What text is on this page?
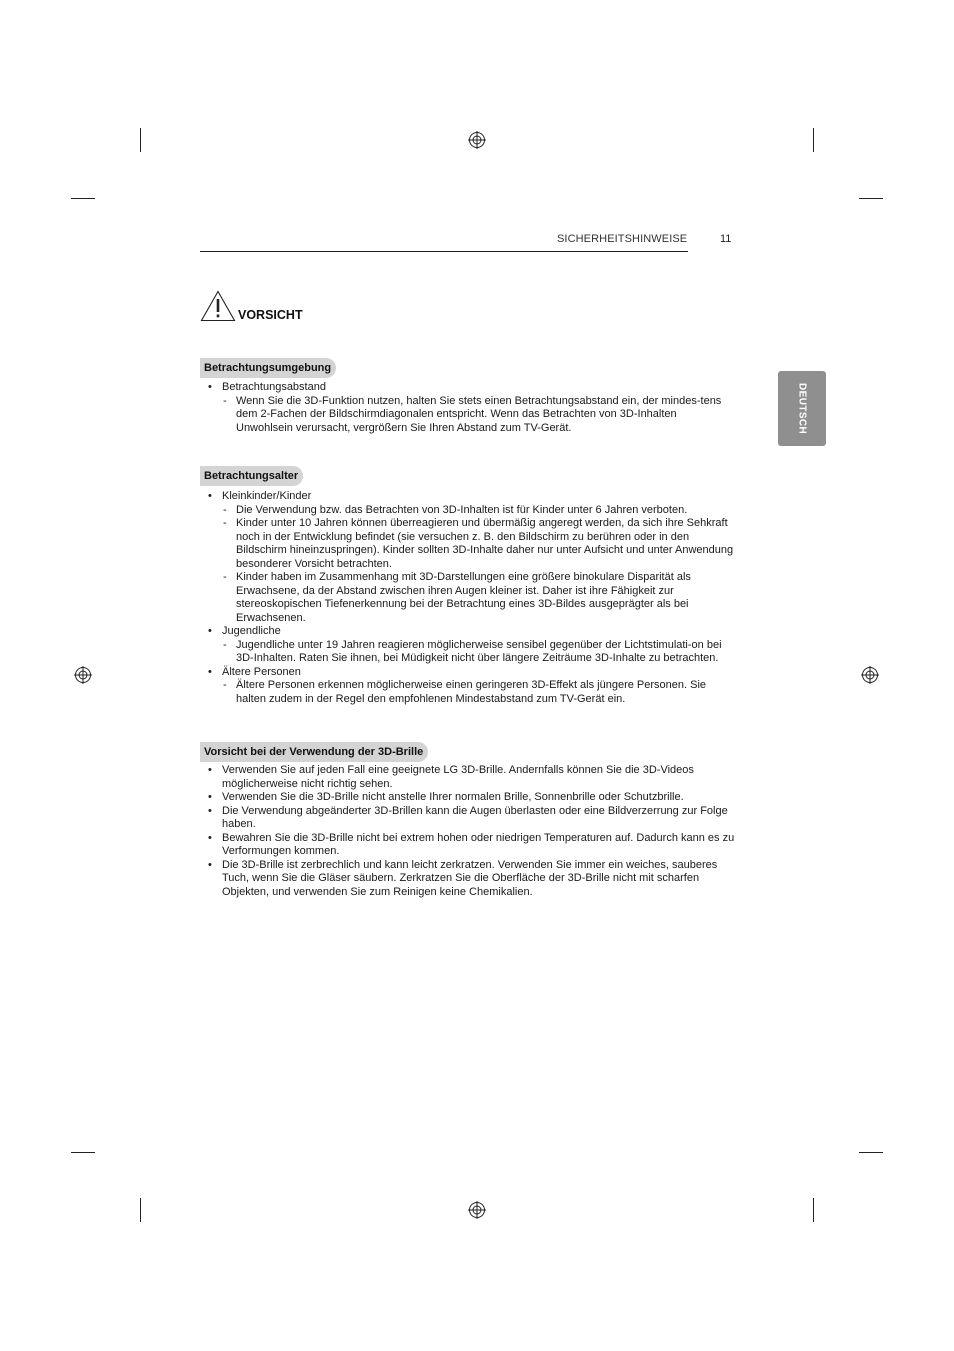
SICHERHEITSHINWEISE	11
DEUTSCH
VORSICHT
Betrachtungsumgebung
• Betrachtungsabstand
- Wenn Sie die 3D-Funktion nutzen, halten Sie stets einen Betrachtungsabstand ein, der mindes-tens dem 2-Fachen der Bildschirmdiagonalen entspricht. Wenn das Betrachten von 3D-Inhalten Unwohlsein verursacht, vergrößern Sie Ihren Abstand zum TV-Gerät.
Betrachtungsalter
• Kleinkinder/Kinder
- Die Verwendung bzw. das Betrachten von 3D-Inhalten ist für Kinder unter 6 Jahren verboten.
- Kinder unter 10 Jahren können überreagieren und übermäßig angeregt werden, da sich ihre Sehkraft noch in der Entwicklung befindet (sie versuchen z. B. den Bildschirm zu berühren oder in den Bildschirm hineinzuspringen). Kinder sollten 3D-Inhalte daher nur unter Aufsicht und unter Anwendung besonderer Vorsicht betrachten.
- Kinder haben im Zusammenhang mit 3D-Darstellungen eine größere binokulare Disparität als Erwachsene, da der Abstand zwischen ihren Augen kleiner ist. Daher ist ihre Fähigkeit zur stereoskopischen Tiefenerkennung bei der Betrachtung eines 3D-Bildes ausgeprägter als bei Erwachsenen.
• Jugendliche
- Jugendliche unter 19 Jahren reagieren möglicherweise sensibel gegenüber der Lichtstimulati-on bei 3D-Inhalten. Raten Sie ihnen, bei Müdigkeit nicht über längere Zeiträume 3D-Inhalte zu betrachten.
• Ältere Personen
- Ältere Personen erkennen möglicherweise einen geringeren 3D-Effekt als jüngere Personen. Sie halten zudem in der Regel den empfohlenen Mindestabstand zum TV-Gerät ein.
Vorsicht bei der Verwendung der 3D-Brille
• Verwenden Sie auf jeden Fall eine geeignete LG 3D-Brille. Andernfalls können Sie die 3D-Videos möglicherweise nicht richtig sehen.
• Verwenden Sie die 3D-Brille nicht anstelle Ihrer normalen Brille, Sonnenbrille oder Schutzbrille.
• Die Verwendung abgeänderter 3D-Brillen kann die Augen überlasten oder eine Bildverzerrung zur Folge haben.
• Bewahren Sie die 3D-Brille nicht bei extrem hohen oder niedrigen Temperaturen auf. Dadurch kann es zu Verformungen kommen.
• Die 3D-Brille ist zerbrechlich und kann leicht zerkratzen. Verwenden Sie immer ein weiches, sauberes Tuch, wenn Sie die Gläser säubern. Zerkratzen Sie die Oberfläche der 3D-Brille nicht mit scharfen Objekten, und verwenden Sie zum Reinigen keine Chemikalien.
